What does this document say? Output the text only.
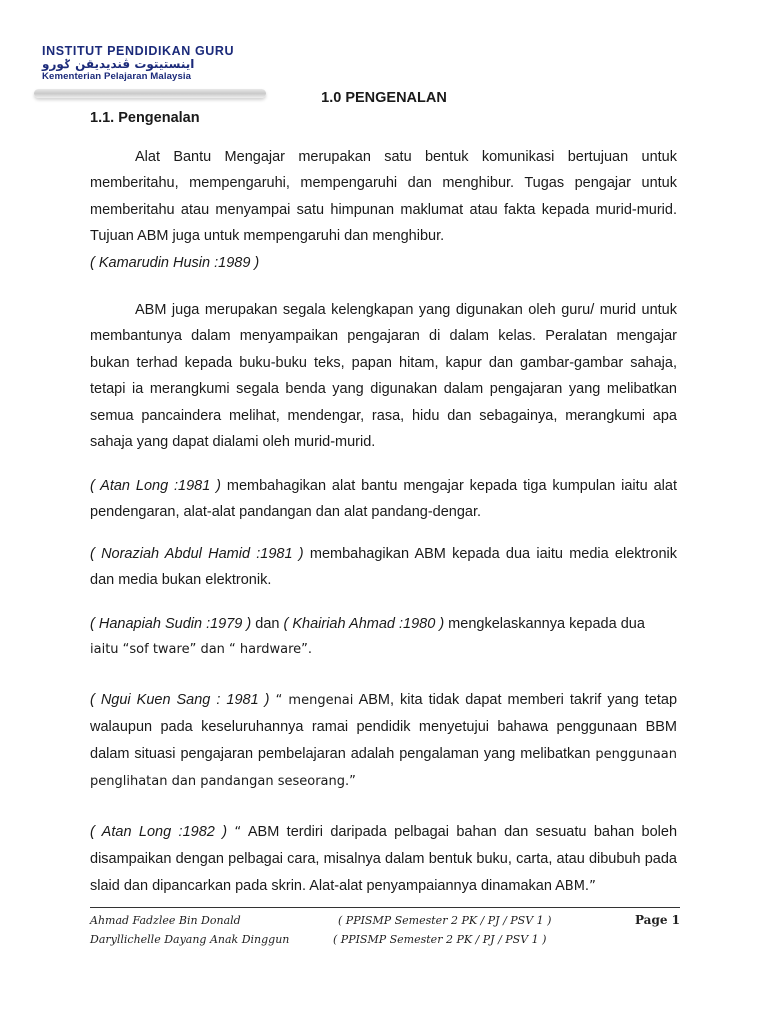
INSTITUT PENDIDIKAN GURU
اينستيتوت ڤنديديقن ݢورو
Kementerian Pelajaran Malaysia
1.0 PENGENALAN
1.1. Pengenalan

Alat Bantu Mengajar merupakan satu bentuk komunikasi bertujuan untuk memberitahu, mempengaruhi, mempengaruhi dan menghibur. Tugas pengajar untuk memberitahu atau menyampai satu himpunan maklumat atau fakta kepada murid-murid. Tujuan ABM juga untuk mempengaruhi dan menghibur.

( Kamarudin Husin :1989 )

ABM juga merupakan segala kelengkapan yang digunakan oleh guru/ murid untuk membantunya dalam menyampaikan pengajaran di dalam kelas. Peralatan mengajar bukan terhad kepada buku-buku teks, papan hitam, kapur dan gambar-gambar sahaja, tetapi ia merangkumi segala benda yang digunakan dalam pengajaran yang melibatkan semua pancaindera melihat, mendengar, rasa, hidu dan sebagainya, merangkumi apa sahaja yang dapat dialami oleh murid-murid.

( Atan Long :1981 ) membahagikan alat bantu mengajar kepada tiga kumpulan iaitu alat pendengaran, alat-alat pandangan dan alat pandang-dengar.

( Noraziah Abdul Hamid :1981 ) membahagikan ABM kepada dua iaitu media elektronik dan media bukan elektronik.

( Hanapiah Sudin :1979 ) dan ( Khairiah Ahmad :1980 ) mengkelaskannya kepada dua

iaitu “sof tware” dan “ hardware”.

( Ngui Kuen Sang : 1981 ) “ mengenai ABM, kita tidak dapat memberi takrif yang tetap walaupun pada keseluruhannya ramai pendidik menyetujui bahawa penggunaan BBM dalam situasi pengajaran pembelajaran adalah pengalaman yang melibatkan penggunaan penglihatan dan pandangan seseorang.”

( Atan Long :1982 ) “ ABM terdiri daripada pelbagai bahan dan sesuatu bahan boleh disampaikan dengan pelbagai cara, misalnya dalam bentuk buku, carta, atau dibubuh pada slaid dan dipancarkan pada skrin. Alat-alat penyampaiannya dinamakan ABM.”

Ahmad Fadzlee Bin Donald	( PPISMP Semester 2 PK / PJ / PSV 1 )	Page 1
Daryllichelle Dayang Anak Dinggun	( PPISMP Semester 2 PK / PJ / PSV 1 )
